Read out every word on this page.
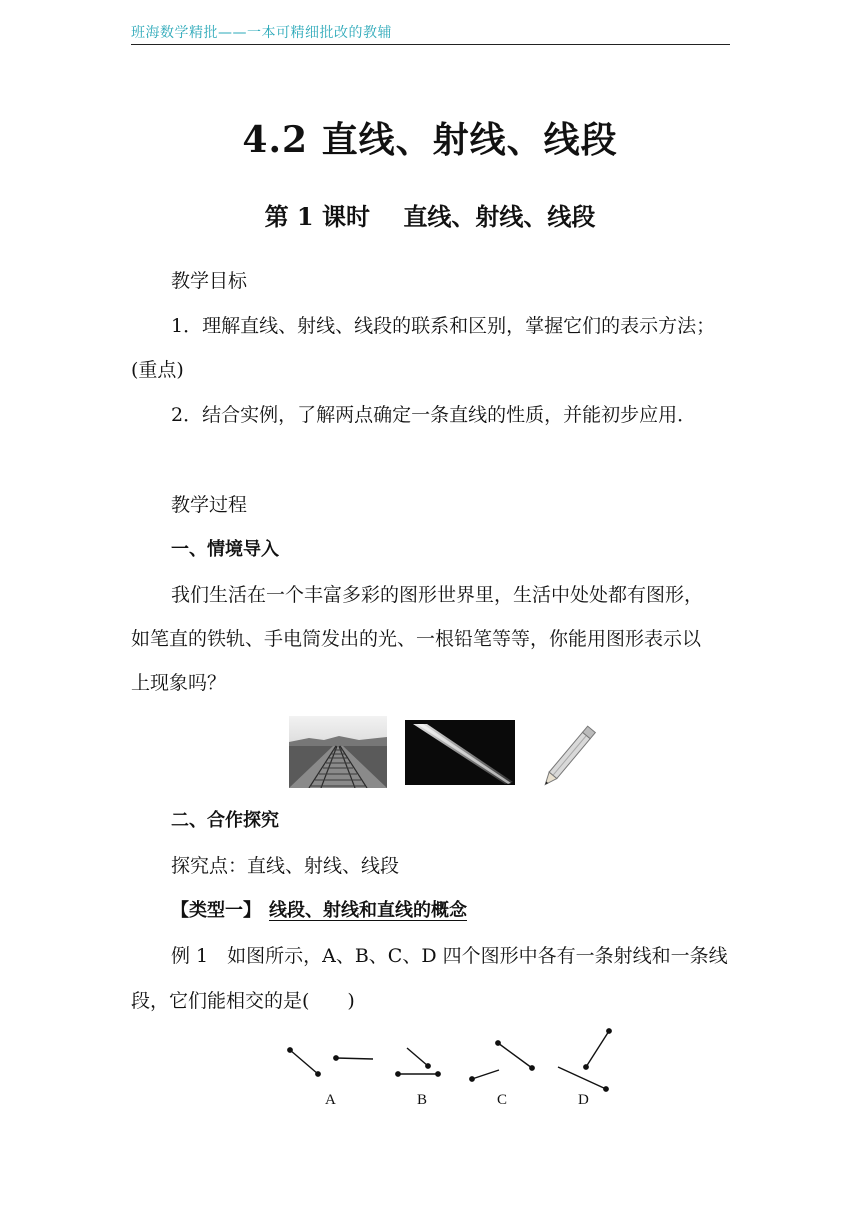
班海数学精批——一本可精细批改的教辅
4.2 直线、射线、线段
第 1 课时    直线、射线、线段
教学目标
1．理解直线、射线、线段的联系和区别，掌握它们的表示方法；
(重点)
2．结合实例，了解两点确定一条直线的性质，并能初步应用．
教学过程
一、情境导入
我们生活在一个丰富多彩的图形世界里，生活中处处都有图形，
如笔直的铁轨、手电筒发出的光、一根铅笔等等，你能用图形表示以
上现象吗？
二、合作探究
探究点：直线、射线、线段
【类型一】 线段、射线和直线的概念
例 1　如图所示，A、B、C、D 四个图形中各有一条射线和一条线
段，它们能相交的是(　　)
A	B	C	D
